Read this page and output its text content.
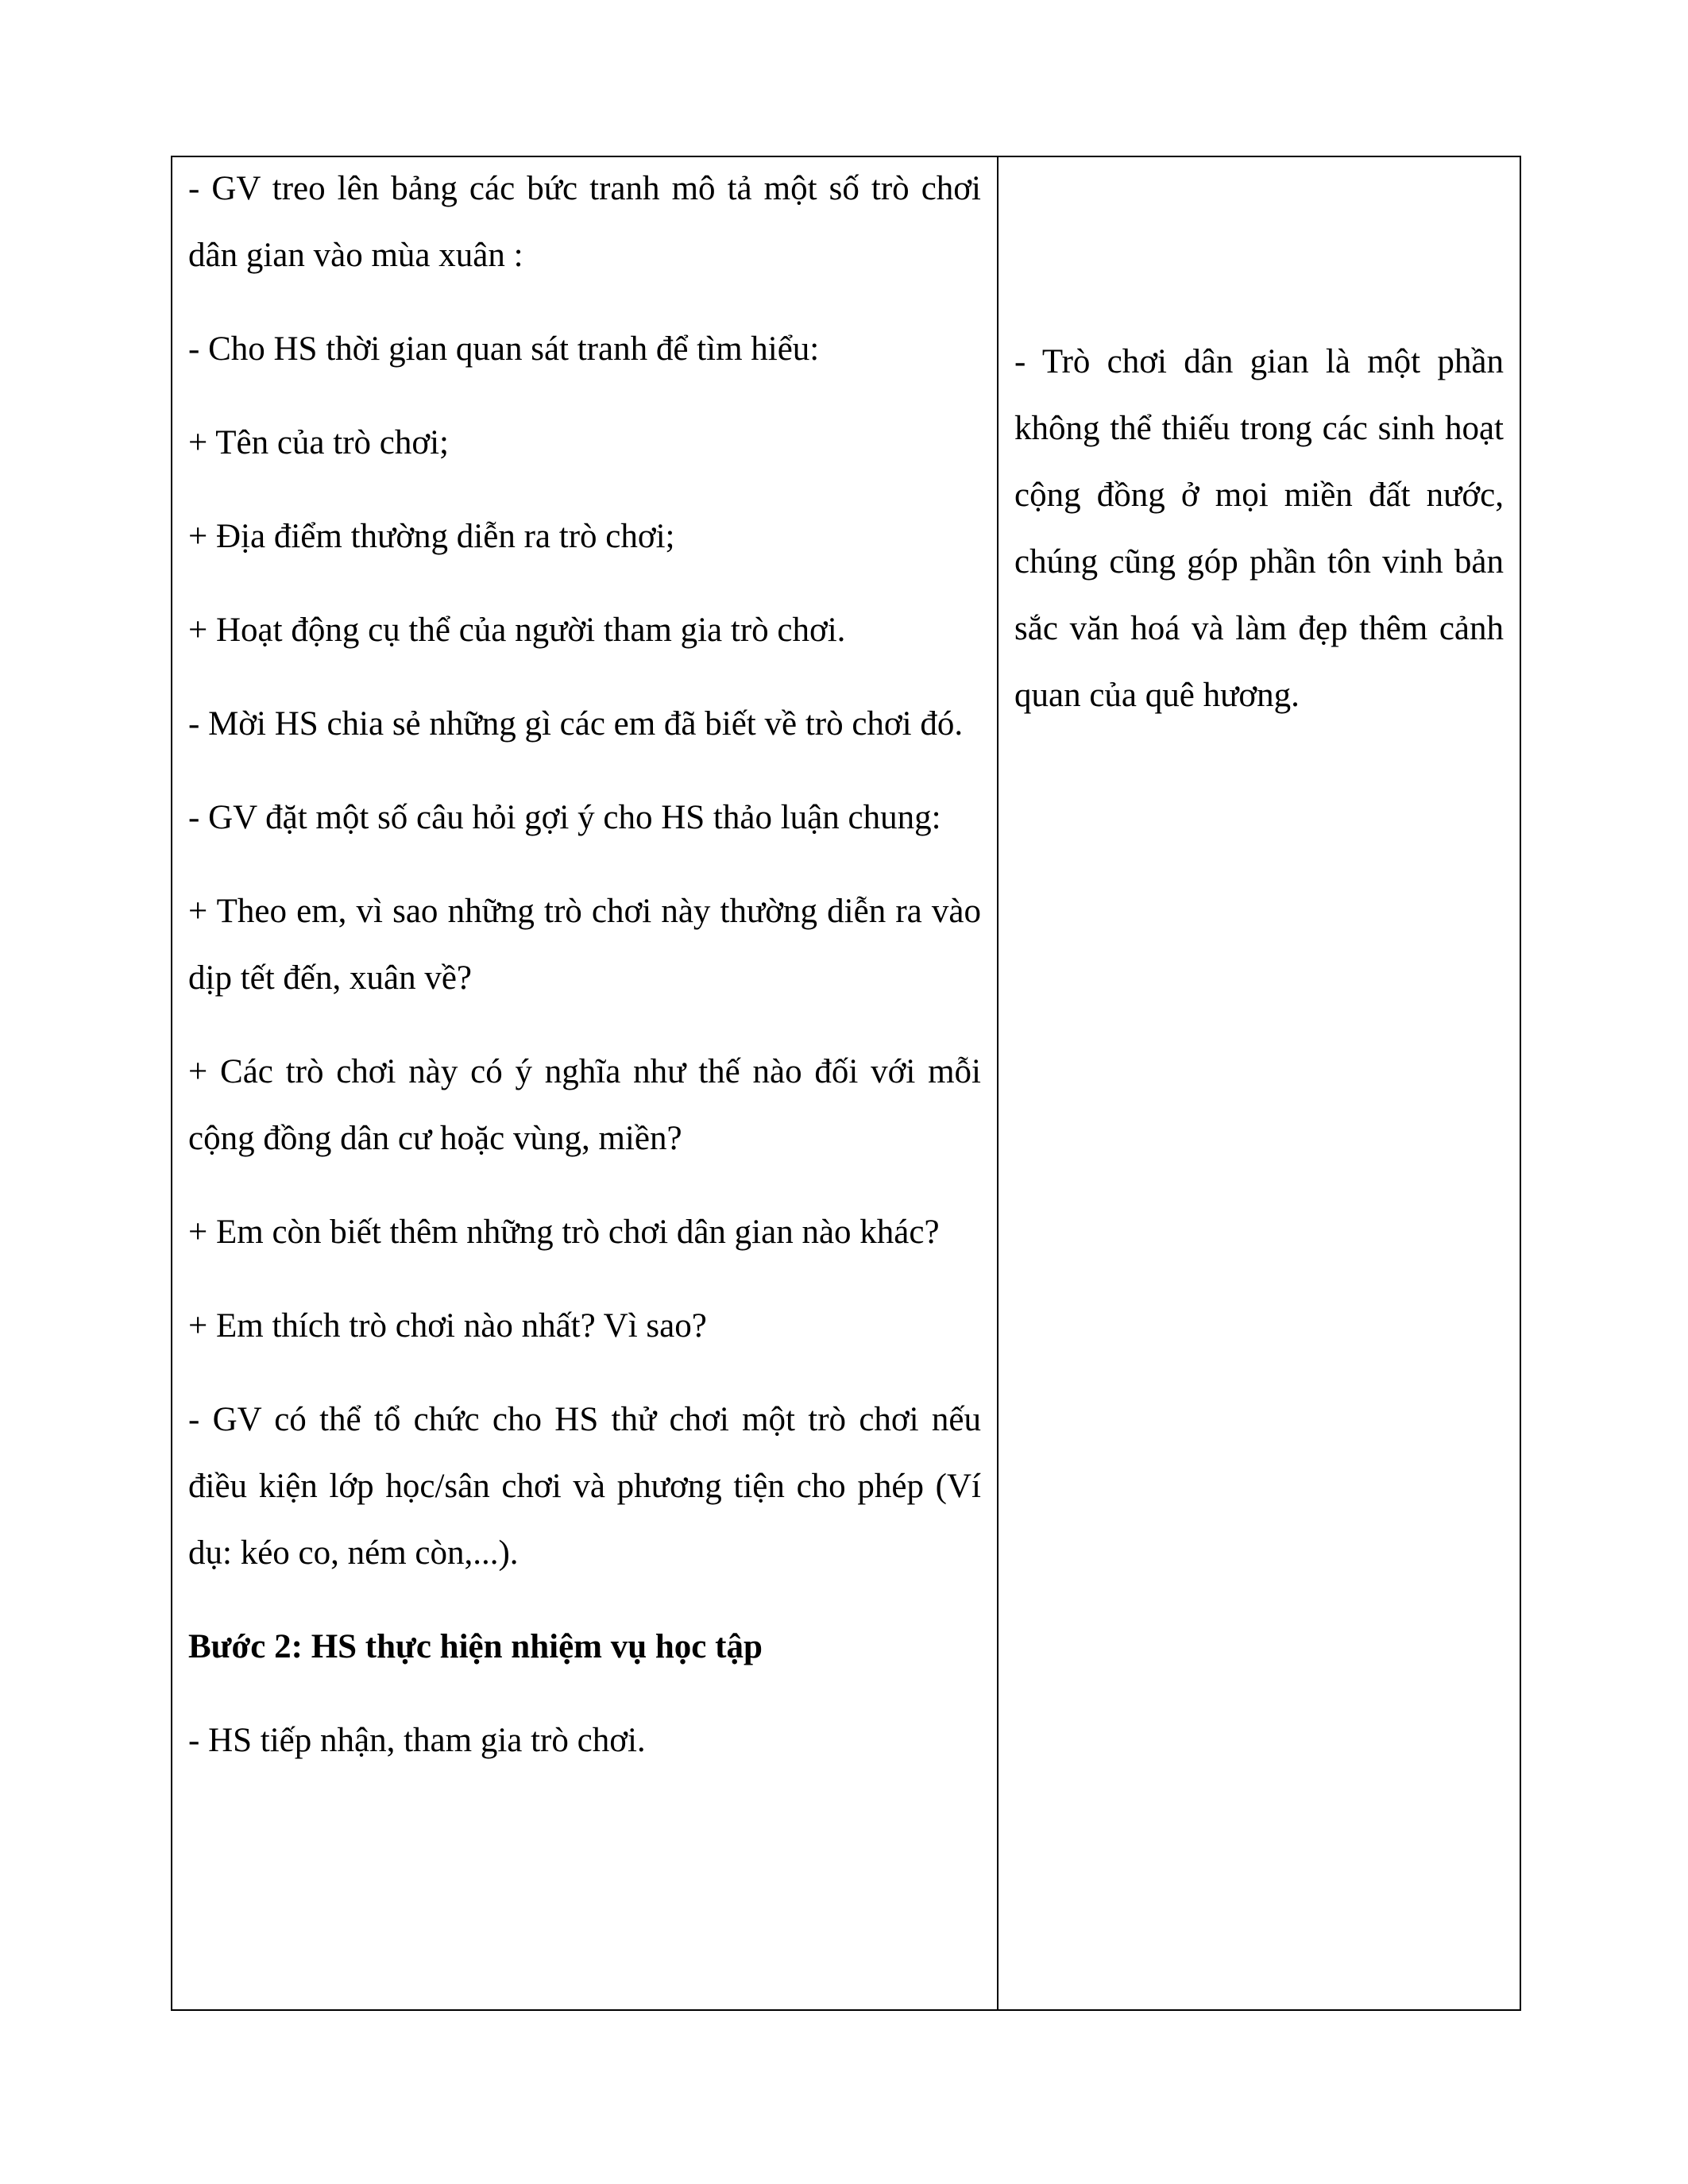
- GV treo lên bảng các bức tranh mô tả một số trò chơi dân gian vào mùa xuân :

- Cho HS thời gian quan sát tranh để tìm hiểu:

+ Tên của trò chơi;

+ Địa điểm thường diễn ra trò chơi;

+ Hoạt động cụ thể của người tham gia trò chơi.

- Mời HS chia sẻ những gì các em đã biết về trò chơi đó.

- GV đặt một số câu hỏi gợi ý cho HS thảo luận chung:

+ Theo em, vì sao những trò chơi này thường diễn ra vào dịp tết đến, xuân về?

+ Các trò chơi này có ý nghĩa như thế nào đối với mỗi cộng đồng dân cư hoặc vùng, miền?

+ Em còn biết thêm những trò chơi dân gian nào khác?

+ Em thích trò chơi nào nhất? Vì sao?

- GV có thể tổ chức cho HS thử chơi một trò chơi nếu điều kiện lớp học/sân chơi và phương tiện cho phép (Ví dụ: kéo co, ném còn,...).

Bước 2: HS thực hiện nhiệm vụ học tập

- HS tiếp nhận, tham gia trò chơi.

- Trò chơi dân gian là một phần không thể thiếu trong các sinh hoạt cộng đồng ở mọi miền đất nước, chúng cũng góp phần tôn vinh bản sắc văn hoá và làm đẹp thêm cảnh quan của quê hương.
